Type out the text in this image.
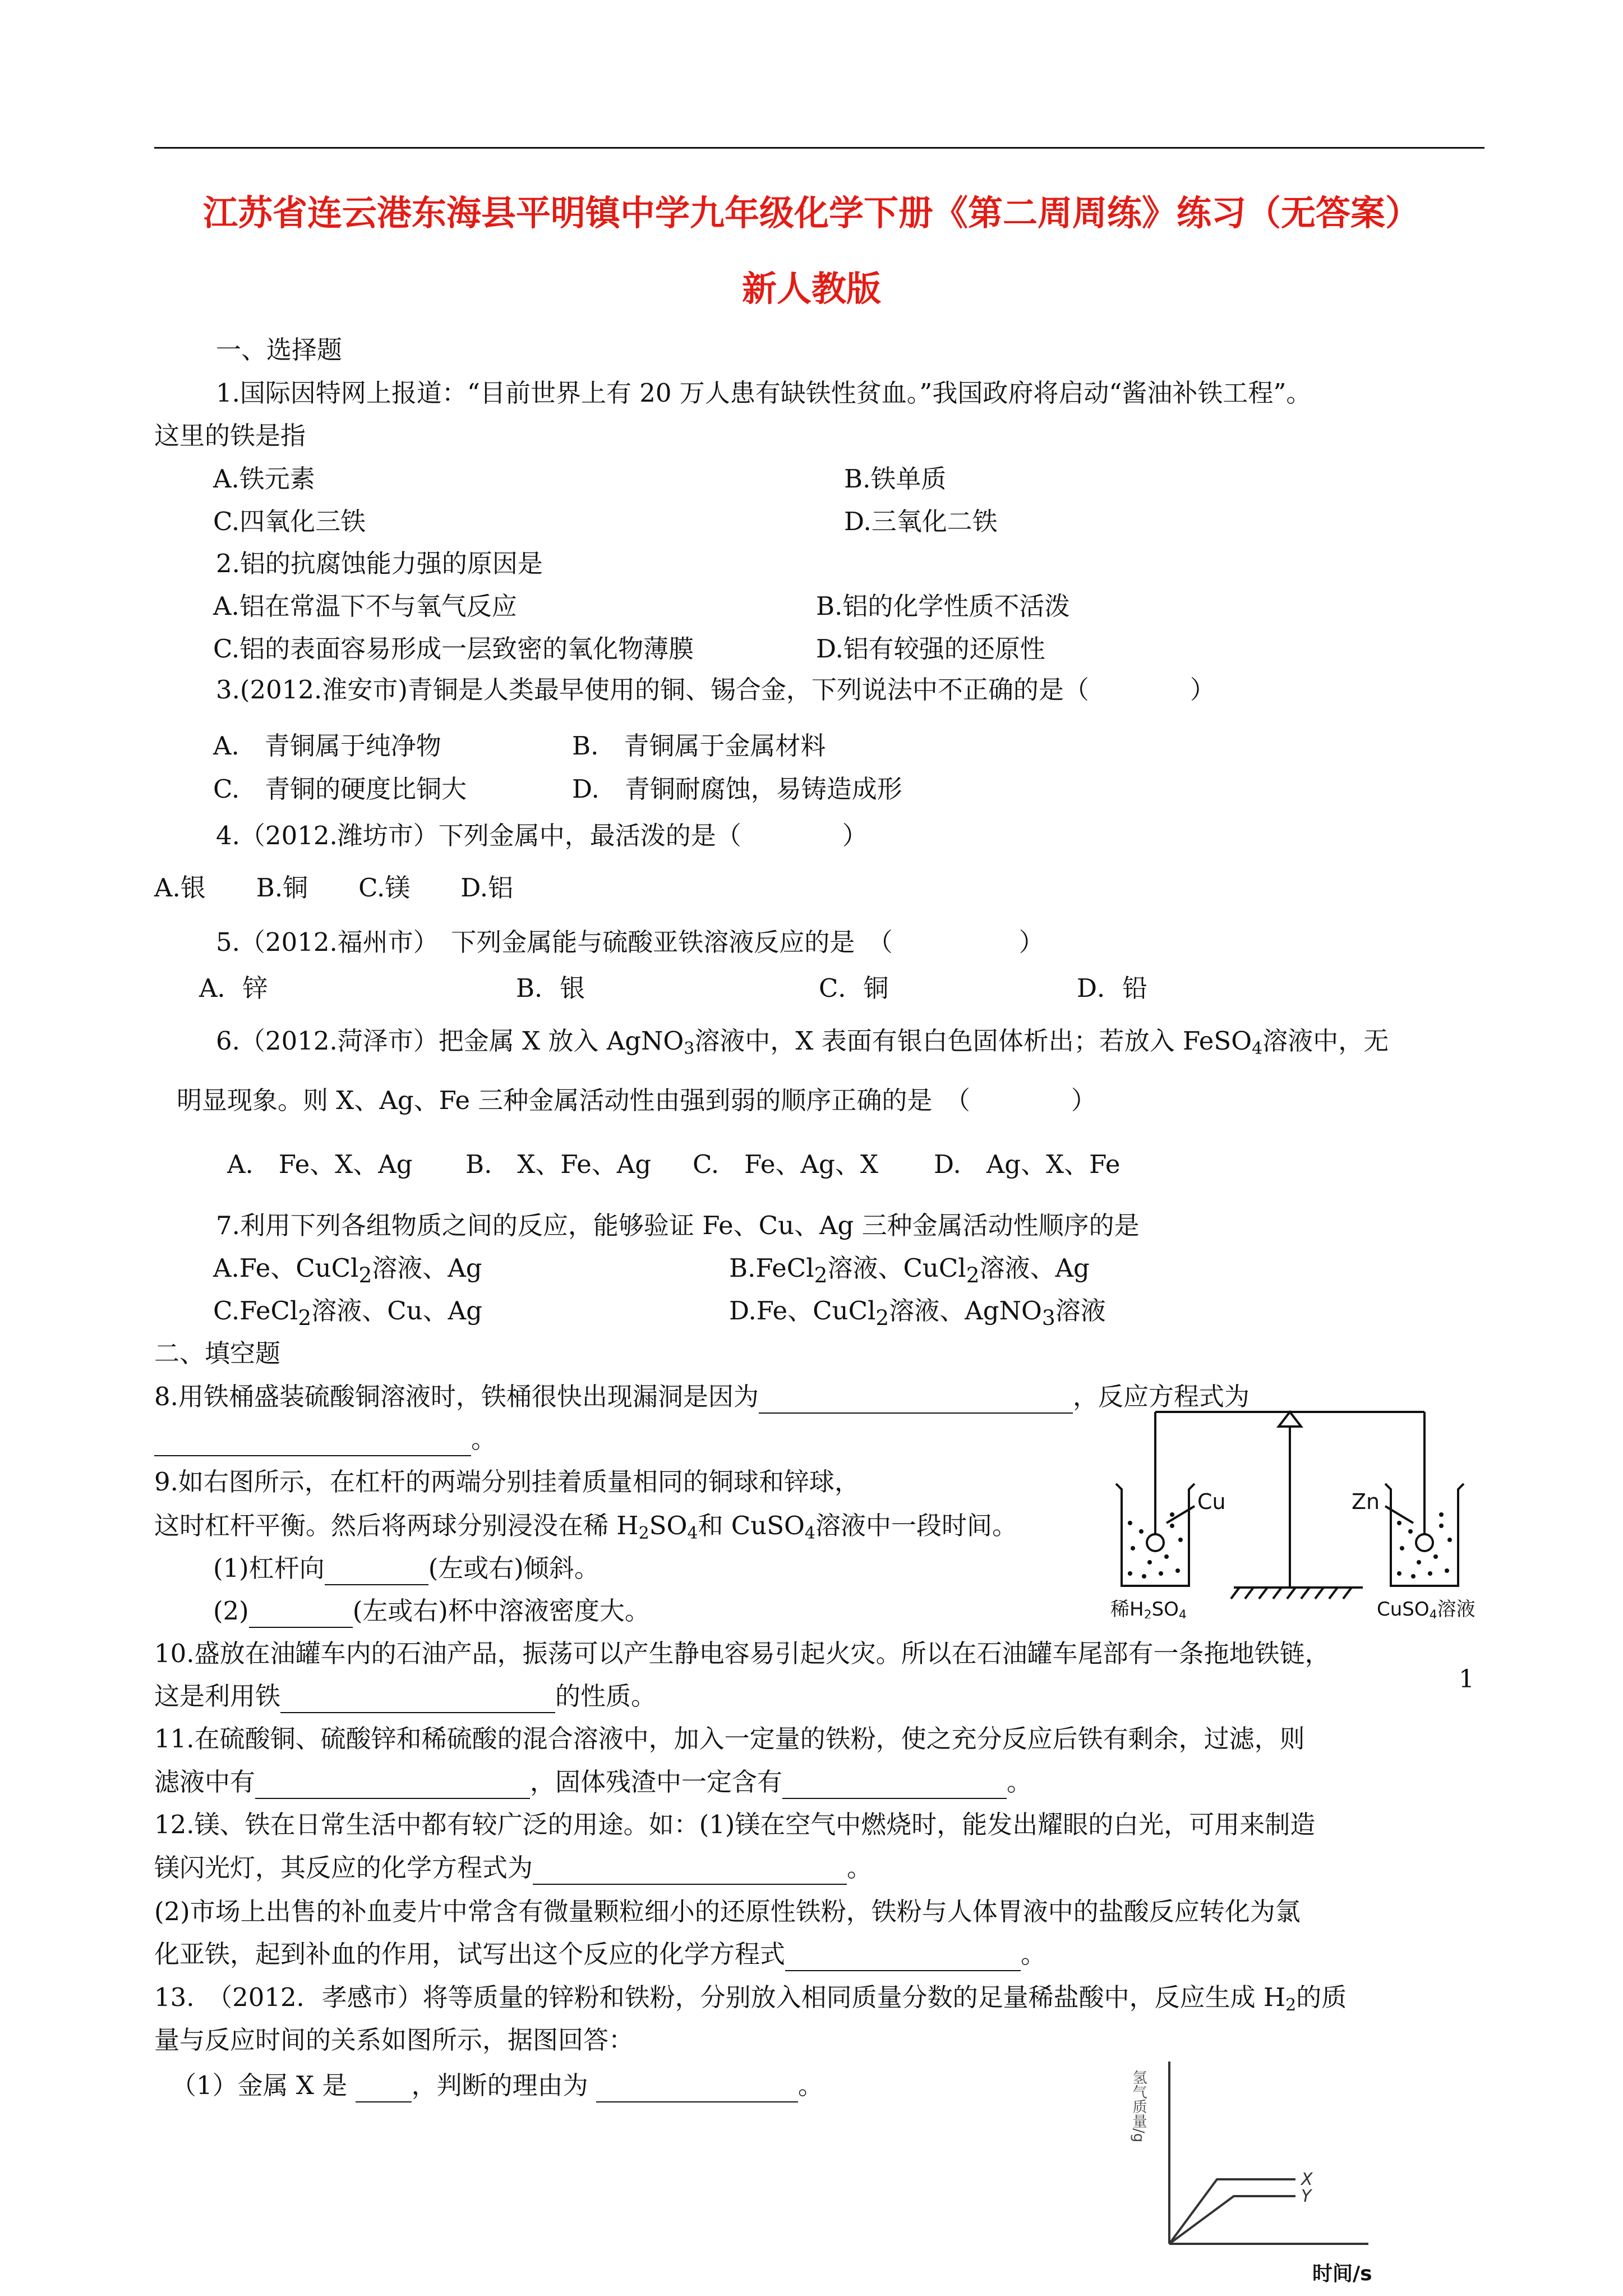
江苏省连云港东海县平明镇中学九年级化学下册《第二周周练》练习（无答案）
新人教版
一、选择题
1.国际因特网上报道：“目前世界上有 20 万人患有缺铁性贫血。”我国政府将启动“酱油补铁工程”。
这里的铁是指
A.铁元素	B.铁单质
C.四氧化三铁	D.三氧化二铁
2.铝的抗腐蚀能力强的原因是
A.铝在常温下不与氧气反应	B.铝的化学性质不活泼
C.铝的表面容易形成一层致密的氧化物薄膜	D.铝有较强的还原性
3.(2012.淮安市)青铜是人类最早使用的铜、锡合金，下列说法中不正确的是（　　　　）
A.　青铜属于纯净物	B.　青铜属于金属材料
C.　青铜的硬度比铜大	D.　青铜耐腐蚀，易铸造成形
4.（2012.潍坊市）下列金属中，最活泼的是（　　　　）
A.银　　B.铜　　C.镁　　D.铝
5.（2012.福州市）　下列金属能与硫酸亚铁溶液反应的是　（　　　　　）
A．锌	B．银	C．铜	D．铅
6.（2012.菏泽市）把金属 X 放入 AgNO$_3$溶液中，X 表面有银白色固体析出；若放入 FeSO$_4$溶液中，无
明显现象。则 X、Ag、Fe 三种金属活动性由强到弱的顺序正确的是　（　　　　）
A.　Fe、X、Ag B.　X、Fe、Ag C.　Fe、Ag、X D.　Ag、X、Fe
7.利用下列各组物质之间的反应，能够验证 Fe、Cu、Ag 三种金属活动性顺序的是
A.Fe、CuCl$_2$溶液、Ag	B.FeCl$_2$溶液、CuCl$_2$溶液、Ag
C.FeCl$_2$溶液、Cu、Ag	D.Fe、CuCl$_2$溶液、AgNO$_3$溶液
二、填空题
8.用铁桶盛装硫酸铜溶液时，铁桶很快出现漏洞是因为	，反应方程式为
。
9.如右图所示，在杠杆的两端分别挂着质量相同的铜球和锌球，
这时杠杆平衡。然后将两球分别浸没在稀 $H_2SO_4$和 CuSO$_4$溶液中一段时间。
(1)杠杆向	(左或右)倾斜。
(2)	(左或右)杯中溶液密度大。
Cu	Zn
稀H2SO4	CuSO4溶液
10.盛放在油罐车内的石油产品，振荡可以产生静电容易引起火灾。所以在石油罐车尾部有一条拖地铁链，
这是利用铁	的性质。
11.在硫酸铜、硫酸锌和稀硫酸的混合溶液中，加入一定量的铁粉，使之充分反应后铁有剩余，过滤，则
滤液中有	，固体残渣中一定含有	。
12.镁、铁在日常生活中都有较广泛的用途。如：(1)镁在空气中燃烧时，能发出耀眼的白光，可用来制造
镁闪光灯，其反应的化学方程式为	。
(2)市场上出售的补血麦片中常含有微量颗粒细小的还原性铁粉，铁粉与人体胃液中的盐酸反应转化为氯
化亚铁，起到补血的作用，试写出这个反应的化学方程式	。
13.　（2012．孝感市）将等质量的锌粉和铁粉，分别放入相同质量分数的足量稀盐酸中，反应生成 $H_2$的质
量与反应时间的关系如图所示，据图回答：
（1）金属 X 是	，判断的理由为	。	氢气质量/g
X
Y
时间/s
1
